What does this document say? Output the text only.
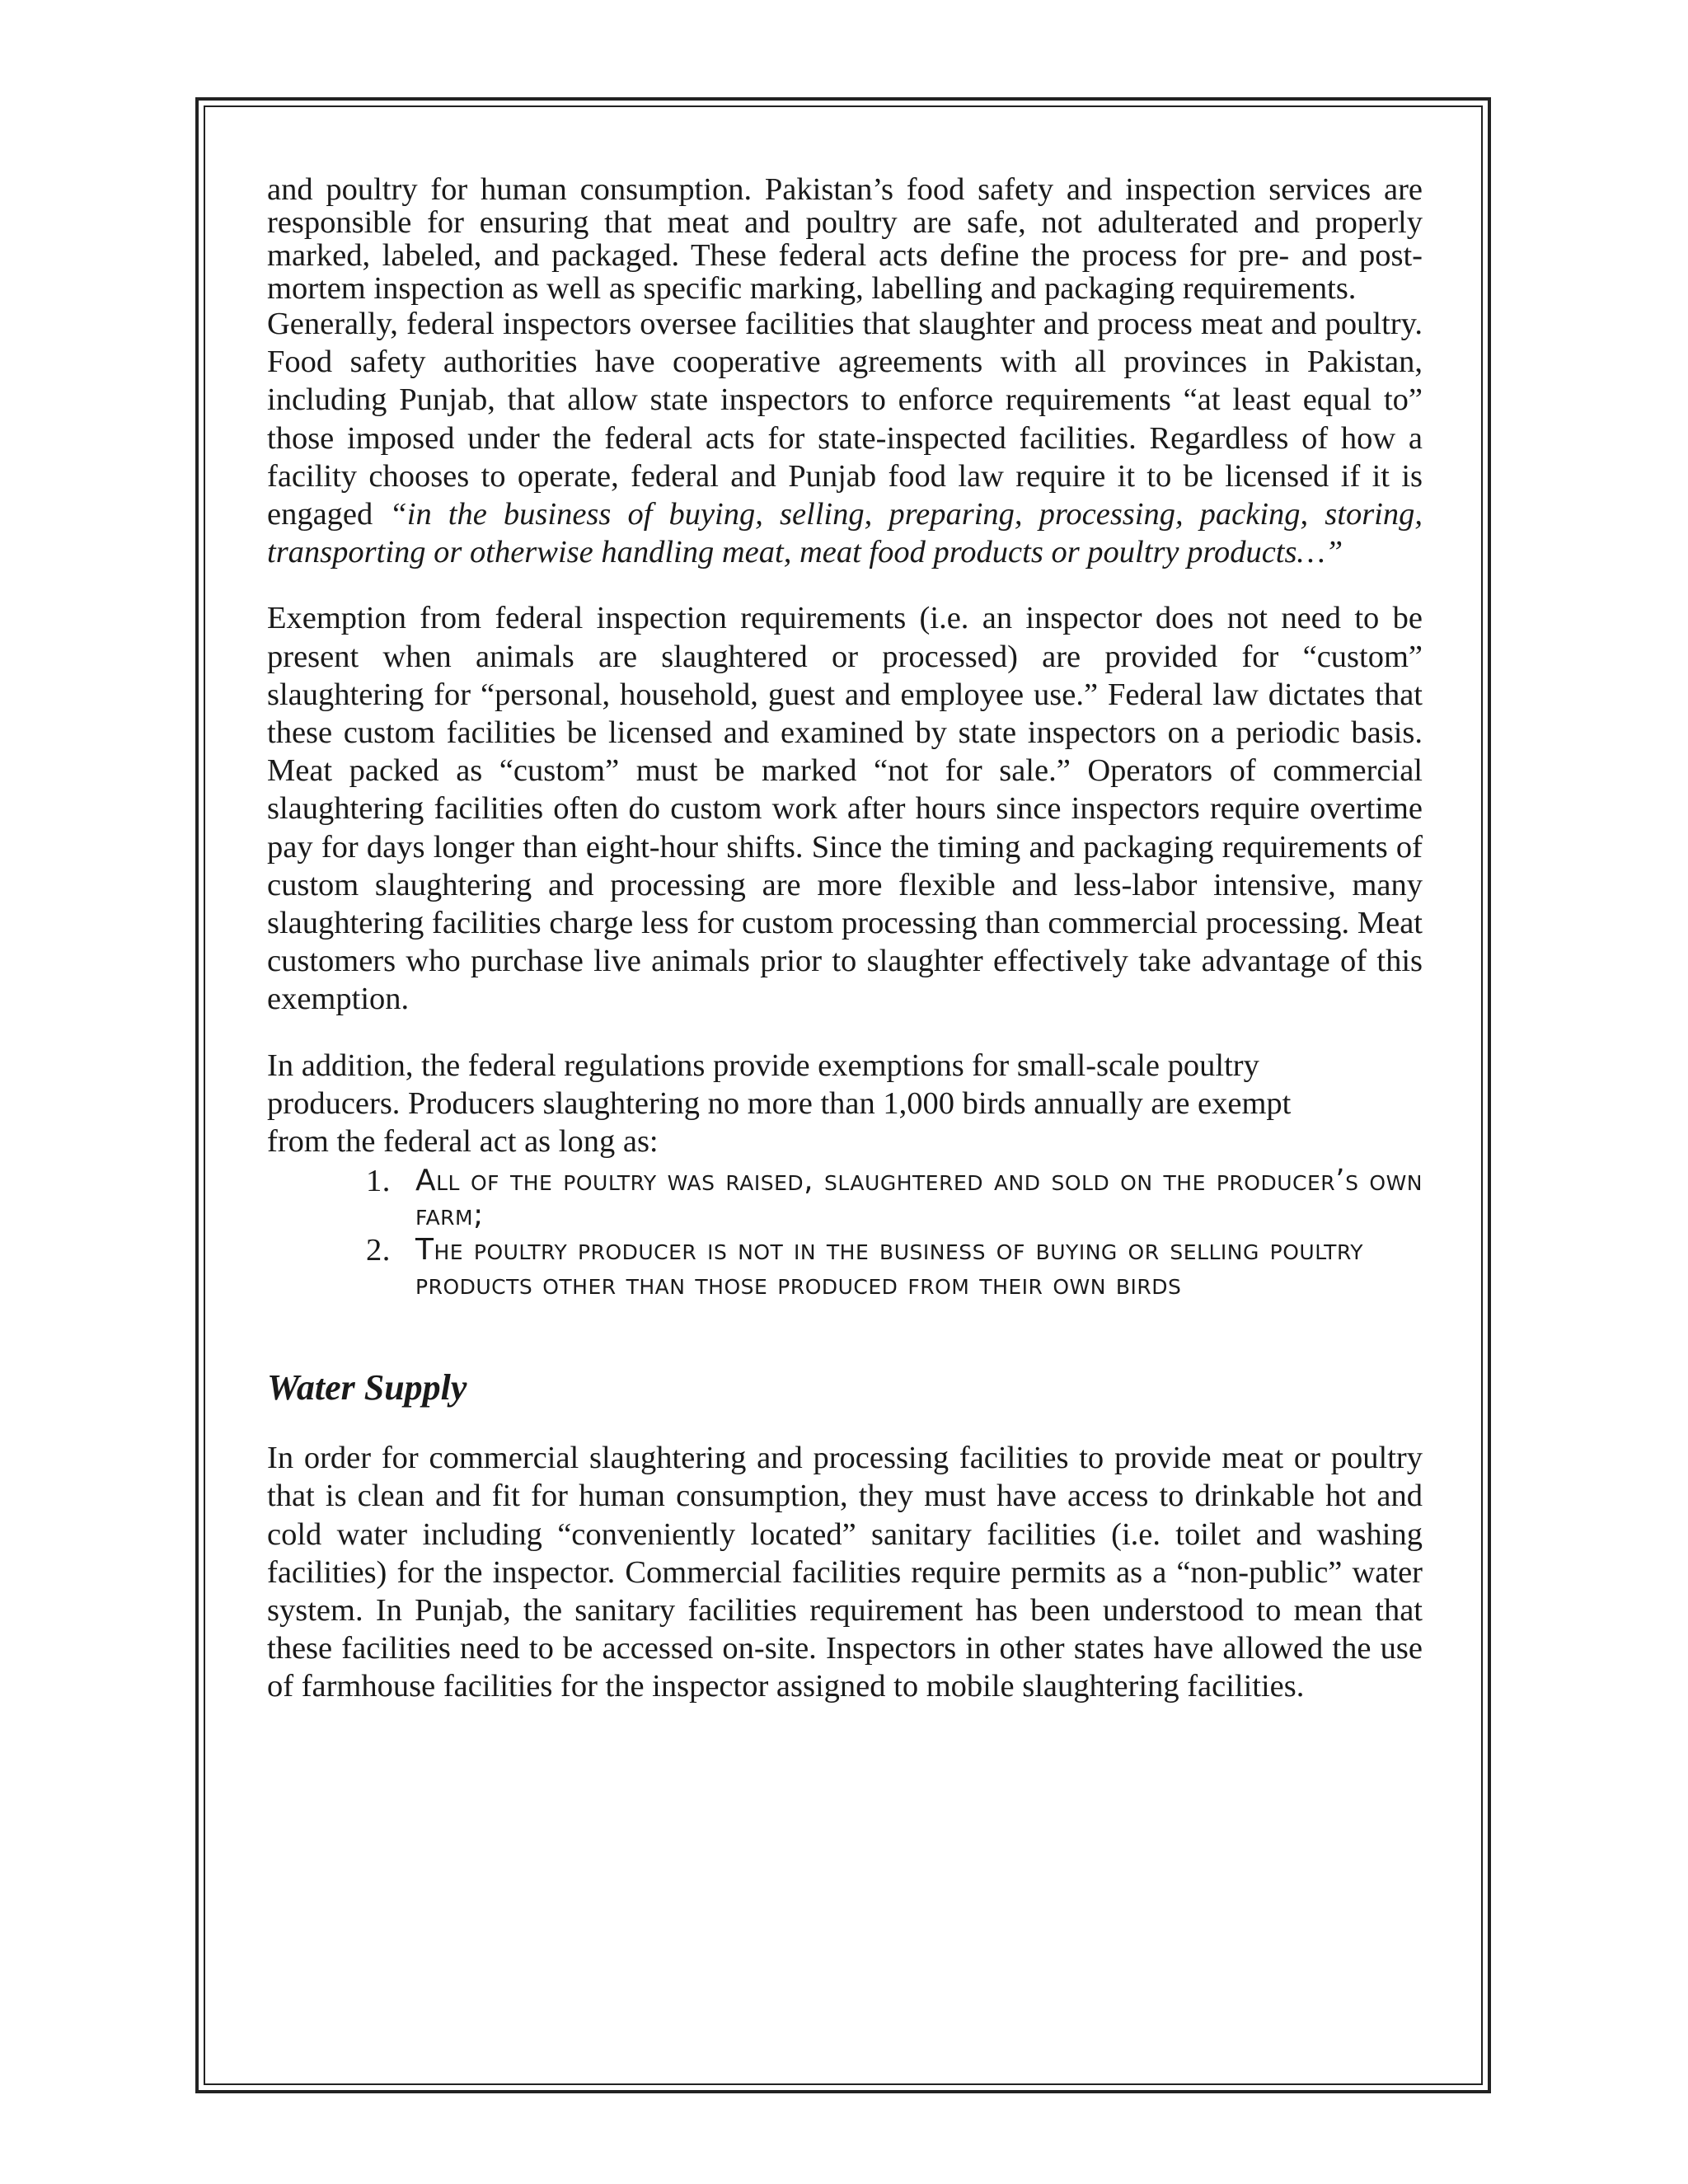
and poultry for human consumption. Pakistan’s food safety and inspection services are responsible for ensuring that meat and poultry are safe, not adulterated and properly marked, labeled, and packaged. These federal acts define the process for pre- and post-mortem inspection as well as specific marking, labelling and packaging requirements.

Generally, federal inspectors oversee facilities that slaughter and process meat and poultry. Food safety authorities have cooperative agreements with all provinces in Pakistan, including Punjab, that allow state inspectors to enforce requirements “at least equal to” those imposed under the federal acts for state-inspected facilities. Regardless of how a facility chooses to operate, federal and Punjab food law require it to be licensed if it is engaged “in the business of buying, selling, preparing, processing, packing, storing, transporting or otherwise handling meat, meat food products or poultry products…”

Exemption from federal inspection requirements (i.e. an inspector does not need to be present when animals are slaughtered or processed) are provided for “custom” slaughtering for “personal, household, guest and employee use.” Federal law dictates that these custom facilities be licensed and examined by state inspectors on a periodic basis. Meat packed as “custom” must be marked “not for sale.” Operators of commercial slaughtering facilities often do custom work after hours since inspectors require overtime pay for days longer than eight-hour shifts. Since the timing and packaging requirements of custom slaughtering and processing are more flexible and less-labor intensive, many slaughtering facilities charge less for custom processing than commercial processing. Meat customers who purchase live animals prior to slaughter effectively take advantage of this exemption.

In addition, the federal regulations provide exemptions for small-scale poultry
producers. Producers slaughtering no more than 1,000 birds annually are exempt
from the federal act as long as:

1. All of the poultry was raised, slaughtered and sold on the producer’s own farm;
2. The poultry producer is not in the business of buying or selling poultry products other than those produced from their own birds
Water Supply

In order for commercial slaughtering and processing facilities to provide meat or poultry that is clean and fit for human consumption, they must have access to drinkable hot and cold water including “conveniently located” sanitary facilities (i.e. toilet and washing facilities) for the inspector. Commercial facilities require permits as a “non-public” water system. In Punjab, the sanitary facilities requirement has been understood to mean that these facilities need to be accessed on-site. Inspectors in other states have allowed the use of farmhouse facilities for the inspector assigned to mobile slaughtering facilities.
